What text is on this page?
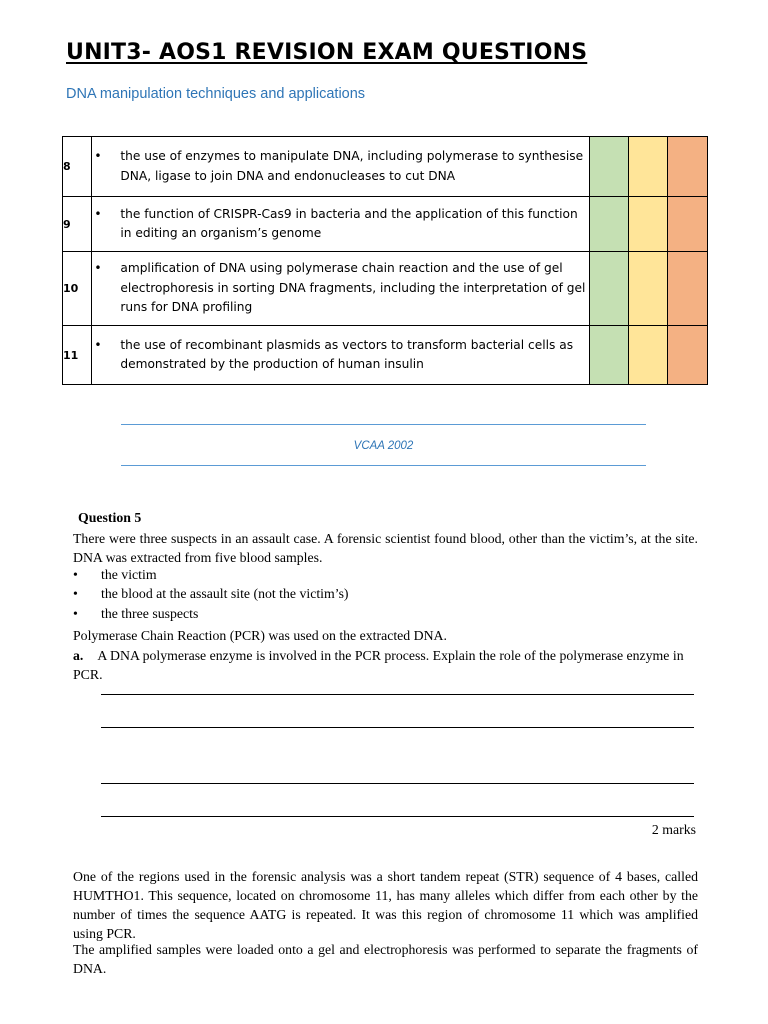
UNIT3- AOS1 REVISION EXAM QUESTIONS

DNA manipulation techniques and applications

8	• the use of enzymes to manipulate DNA, including polymerase to synthesise DNA, ligase to join DNA and endonucleases to cut DNA			

9	• the function of CRISPR-Cas9 in bacteria and the application of this function in editing an organism’s genome			

10	• amplification of DNA using polymerase chain reaction and the use of gel electrophoresis in sorting DNA fragments, including the interpretation of gel runs for DNA profiling			

11	• the use of recombinant plasmids as vectors to transform bacterial cells as demonstrated by the production of human insulin			

VCAA 2002
Question 5

There were three suspects in an assault case. A forensic scientist found blood, other than the victim’s, at the site. DNA was extracted from five blood samples.

•	the victim
•	the blood at the assault site (not the victim’s)
•	the three suspects

Polymerase Chain Reaction (PCR) was used on the extracted DNA.

a. A DNA polymerase enzyme is involved in the PCR process. Explain the role of the polymerase enzyme in PCR.

2 marks

One of the regions used in the forensic analysis was a short tandem repeat (STR) sequence of 4 bases, called HUMTHO1. This sequence, located on chromosome 11, has many alleles which differ from each other by the number of times the sequence AATG is repeated. It was this region of chromosome 11 which was amplified using PCR.

The amplified samples were loaded onto a gel and electrophoresis was performed to separate the fragments of DNA.
